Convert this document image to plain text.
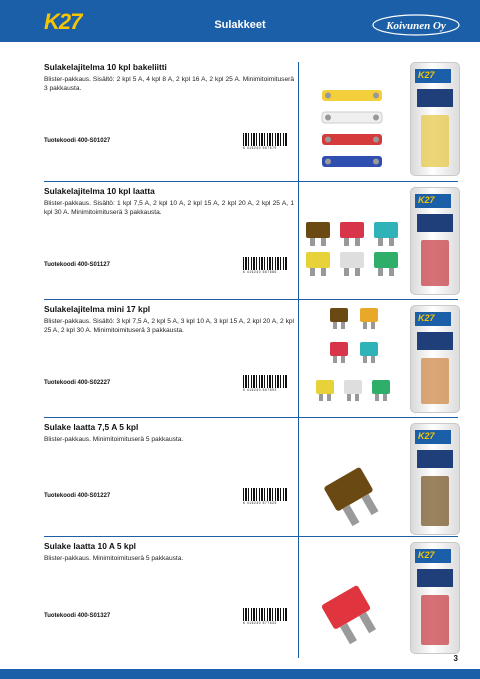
K27	Sulakkeet	Koivunen Oy
Sulakelajitelma 10 kpl bakeliitti

Blister-pakkaus. Sisältö: 2 kpl 5 A, 4 kpl 8 A, 2 kpl 16 A, 2 kpl 25 A. Minimitoimituserä 3 pakkausta.

Tuotekoodi 400-S01027
6 416240 567679
K27
Sulakelajitelma 10 kpl laatta

Blister-pakkaus. Sisältö: 1 kpl 7,5 A, 2 kpl 10 A, 2 kpl 15 A, 2 kpl 20 A, 2 kpl 25 A, 1 kpl 30 A. Minimitoimituserä 3 pakkausta.

Tuotekoodi 400-S01127
6 416240 567686
K27
Sulakelajitelma mini 17 kpl

Blister-pakkaus. Sisältö: 3 kpl 7,5 A, 2 kpl 5 A, 3 kpl 10 A, 3 kpl 15 A, 2 kpl 20 A, 2 kpl 25 A, 2 kpl 30 A. Minimitoimituserä 3 pakkausta.

Tuotekoodi 400-S02227
6 416240 567693
K27
Sulake laatta 7,5 A 5 kpl

Blister-pakkaus. Minimitoimituserä 5 pakkausta.

Tuotekoodi 400-S01227
6 416240 577625
K27
Sulake laatta 10 A 5 kpl

Blister-pakkaus. Minimitoimituserä 5 pakkausta.

Tuotekoodi 400-S01327
6 416240 577632
K27
3
